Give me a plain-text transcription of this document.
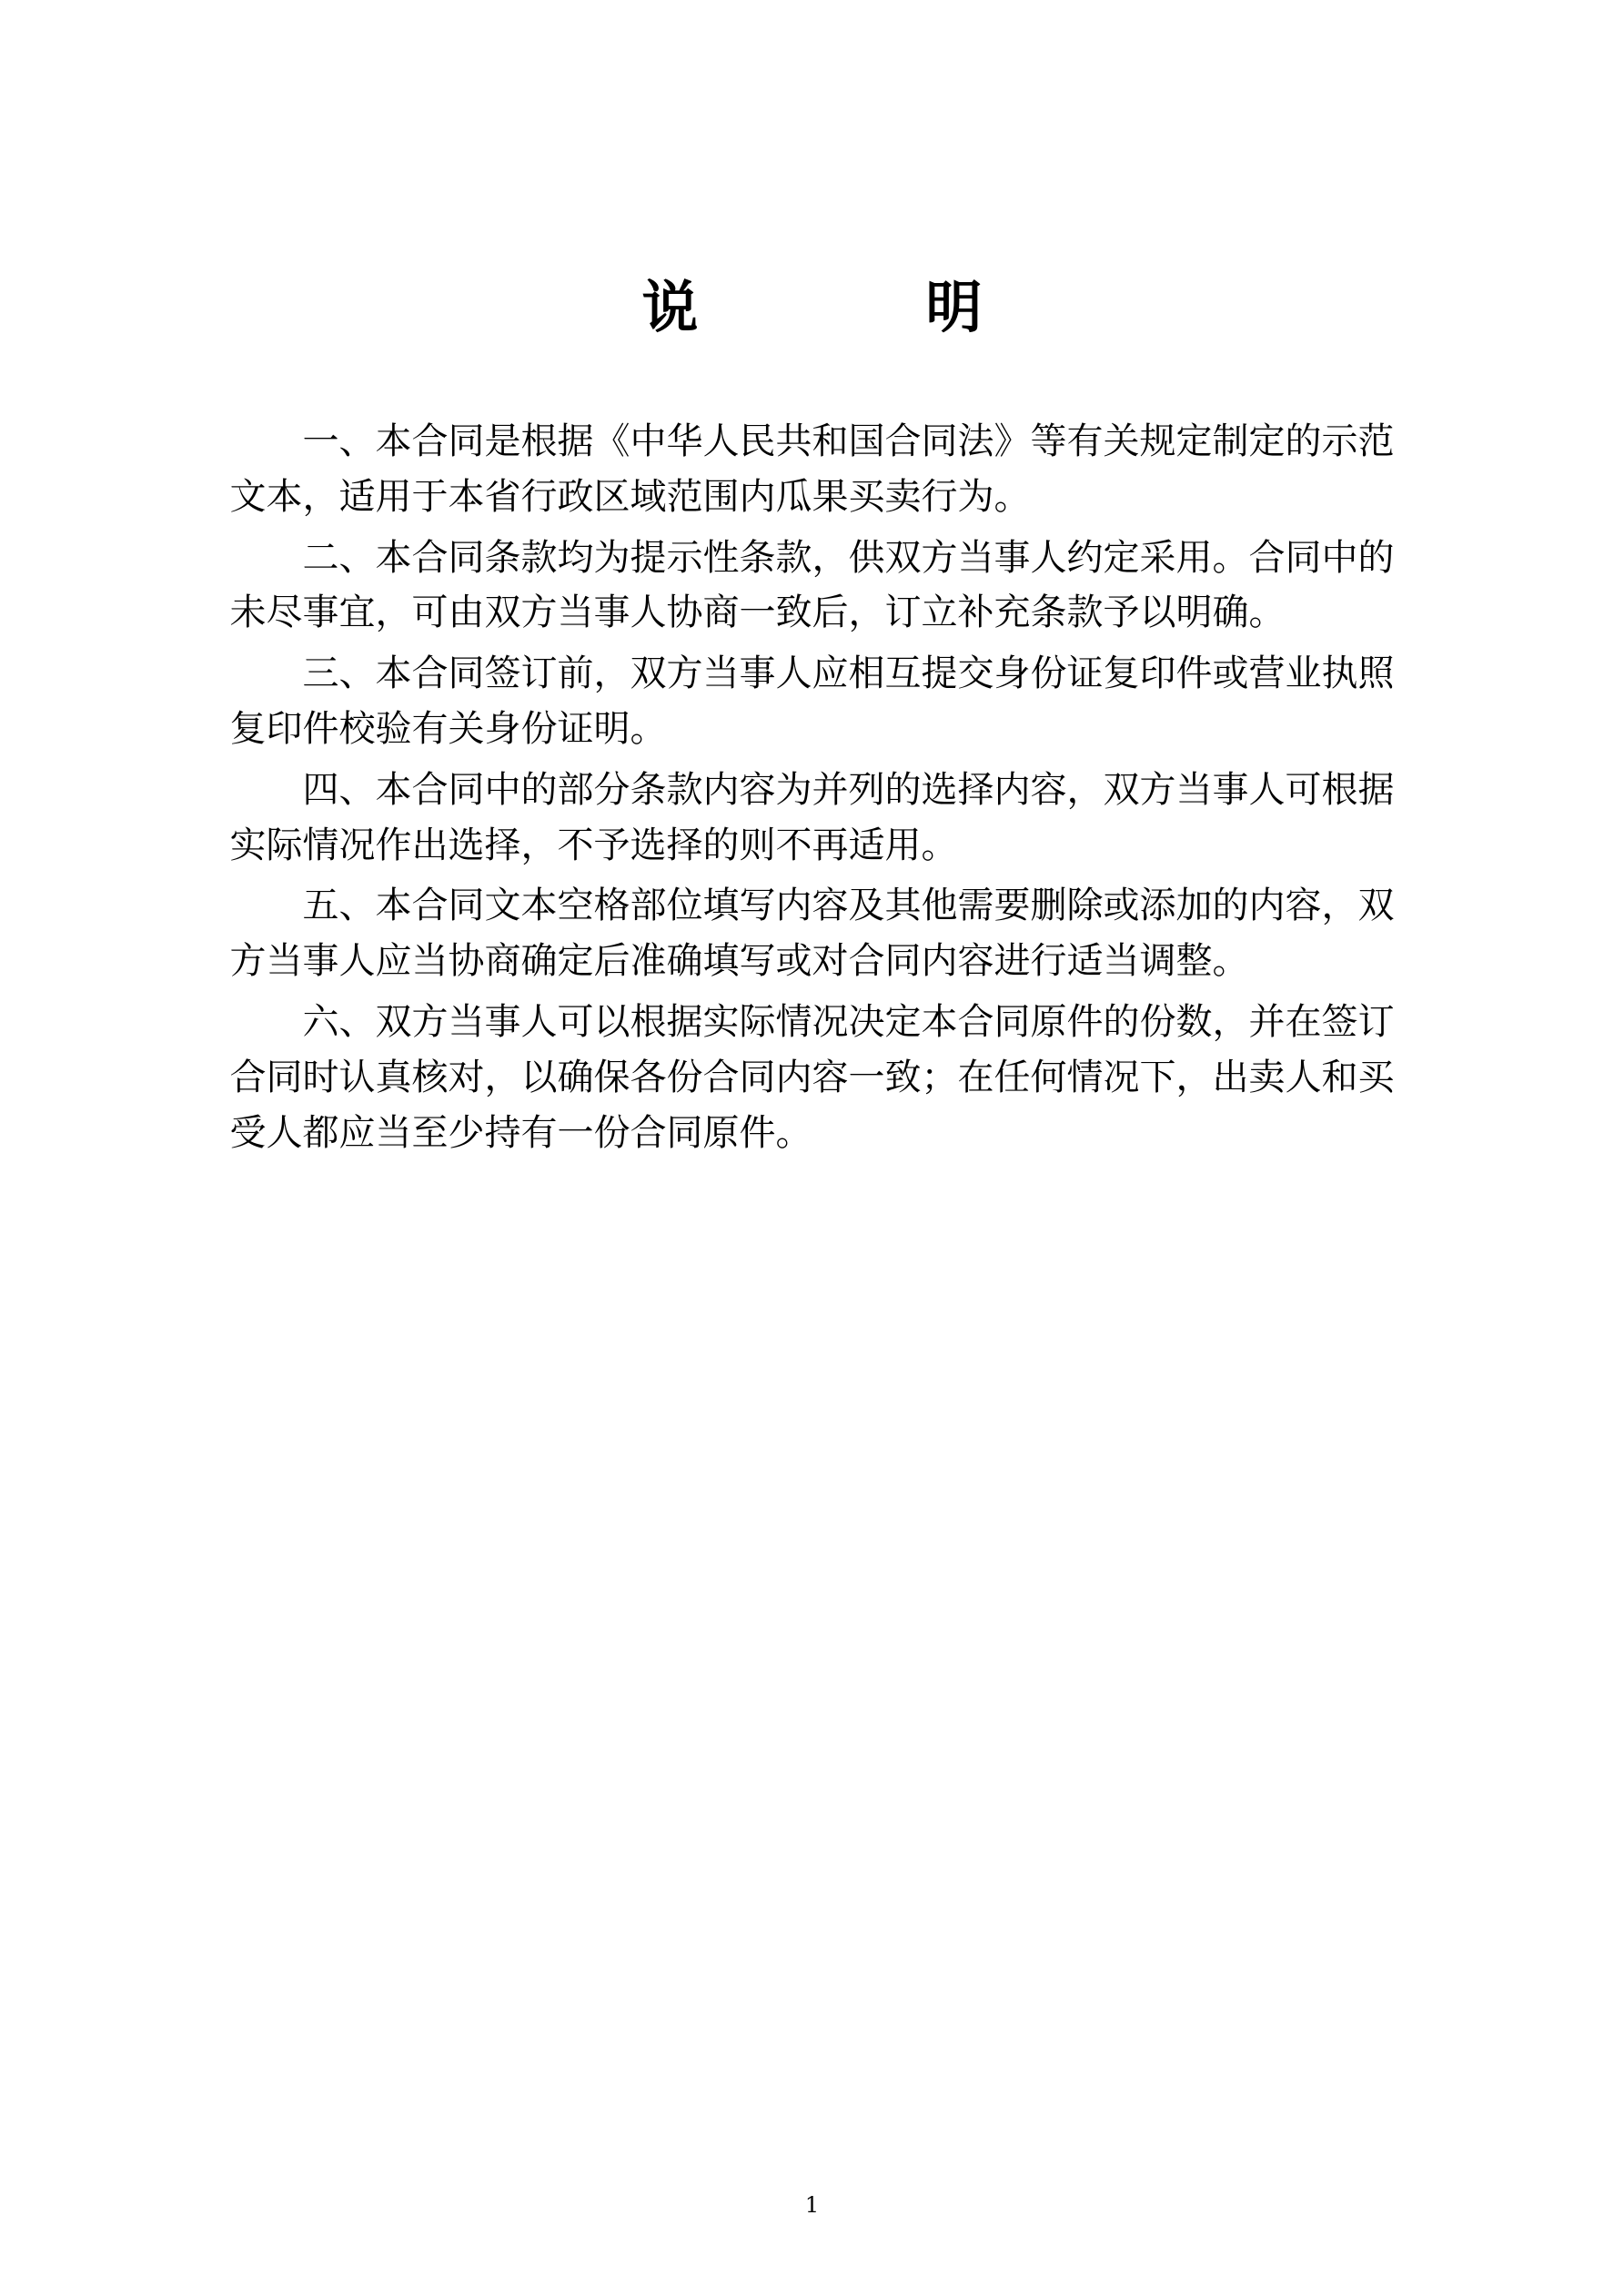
说　　明

一、本合同是根据《中华人民共和国合同法》等有关规定制定的示范文本，适用于本省行政区域范围内瓜果买卖行为。

二、本合同条款均为提示性条款，供双方当事人约定采用。合同中的未尽事宜，可由双方当事人协商一致后，订立补充条款予以明确。

三、本合同签订前，双方当事人应相互提交身份证复印件或营业执照复印件校验有关身份证明。

四、本合同中的部分条款内容为并列的选择内容，双方当事人可根据实际情况作出选择，不予选择的则不再适用。

五、本合同文本空格部位填写内容及其他需要删除或添加的内容，双方当事人应当协商确定后准确填写或对合同内容进行适当调整。

六、双方当事人可以根据实际情况决定本合同原件的份数，并在签订合同时认真核对，以确保各份合同内容一致；在任何情况下，出卖人和买受人都应当至少持有一份合同原件。

1
